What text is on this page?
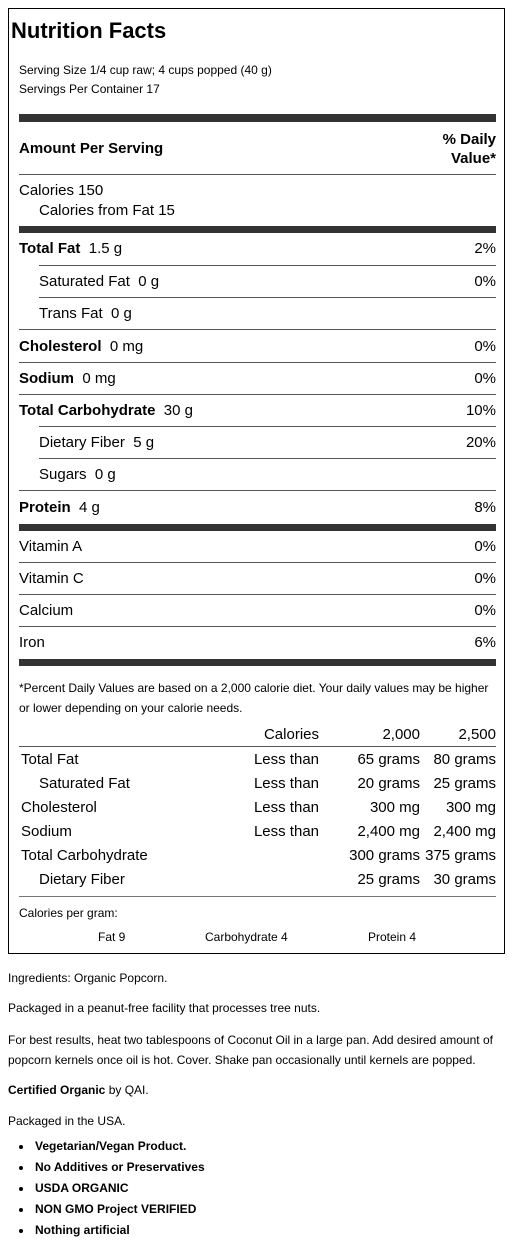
Nutrition Facts
Serving Size 1/4 cup raw; 4 cups popped (40 g)
Servings Per Container 17
Amount Per Serving
% Daily
Value*
Calories 150
Calories from Fat 15
Total Fat 1.5 g	2%
Saturated Fat 0 g	0%
Trans Fat 0 g
Cholesterol 0 mg	0%
Sodium 0 mg	0%
Total Carbohydrate 30 g	10%
Dietary Fiber 5 g	20%
Sugars 0 g
Protein 4 g	8%
Vitamin A	0%
Vitamin C	0%
Calcium	0%
Iron	6%
*Percent Daily Values are based on a 2,000 calorie diet. Your daily values may be higher or lower depending on your calorie needs.
	Calories	2,000	2,500
Total Fat	Less than	65 grams	80 grams
Saturated Fat	Less than	20 grams	25 grams
Cholesterol	Less than	300 mg	300 mg
Sodium	Less than	2,400 mg	2,400 mg
Total Carbohydrate		300 grams	375 grams
Dietary Fiber		25 grams	30 grams
Calories per gram:
Fat 9	Carbohydrate 4	Protein 4
Ingredients: Organic Popcorn.
Packaged in a peanut-free facility that processes tree nuts.
For best results, heat two tablespoons of Coconut Oil in a large pan. Add desired amount of popcorn kernels once oil is hot. Cover. Shake pan occasionally until kernels are popped.
Certified Organic by QAI.
Packaged in the USA.
• Vegetarian/Vegan Product.
• No Additives or Preservatives
• USDA ORGANIC
• NON GMO Project VERIFIED
• Nothing artificial
